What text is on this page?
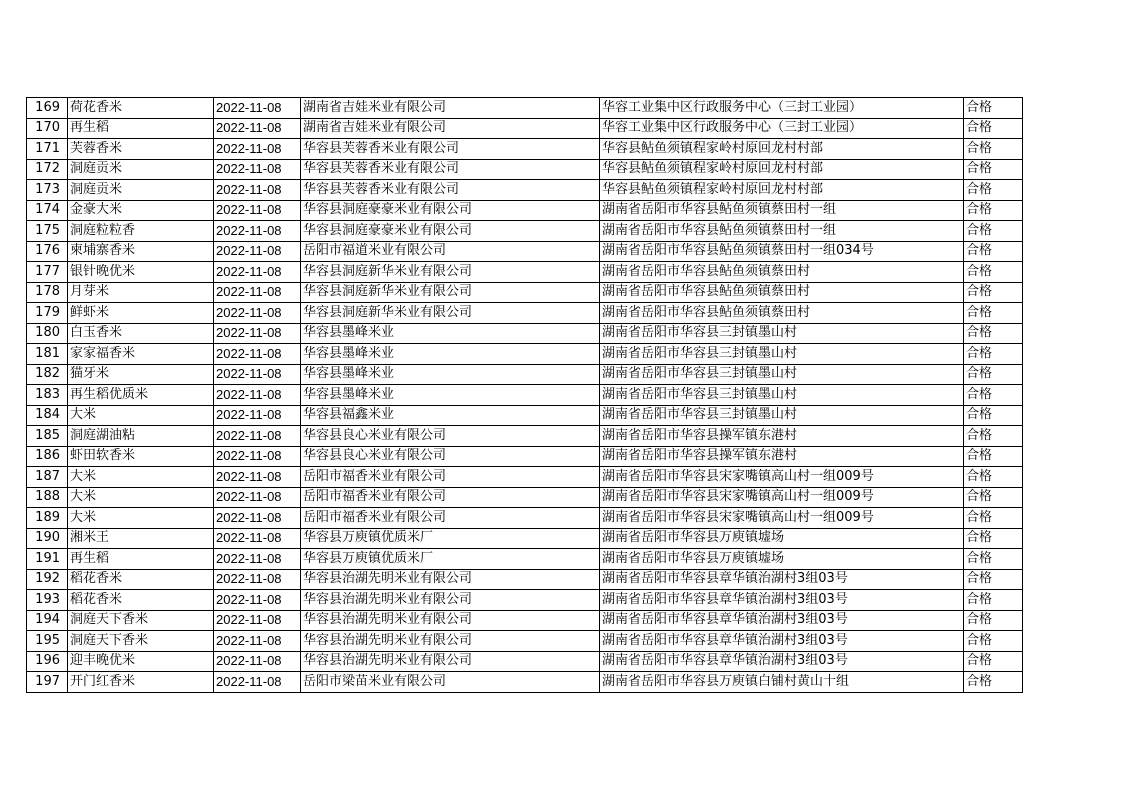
169	荷花香米	2022-11-08	湖南省吉娃米业有限公司	华容工业集中区行政服务中心（三封工业园）	合格
170	再生稻	2022-11-08	湖南省吉娃米业有限公司	华容工业集中区行政服务中心（三封工业园）	合格
171	芙蓉香米	2022-11-08	华容县芙蓉香米业有限公司	华容县鲇鱼须镇程家岭村原回龙村村部	合格
172	洞庭贡米	2022-11-08	华容县芙蓉香米业有限公司	华容县鲇鱼须镇程家岭村原回龙村村部	合格
173	洞庭贡米	2022-11-08	华容县芙蓉香米业有限公司	华容县鲇鱼须镇程家岭村原回龙村村部	合格
174	金豪大米	2022-11-08	华容县洞庭豪豪米业有限公司	湖南省岳阳市华容县鲇鱼须镇蔡田村一组	合格
175	洞庭粒粒香	2022-11-08	华容县洞庭豪豪米业有限公司	湖南省岳阳市华容县鲇鱼须镇蔡田村一组	合格
176	柬埔寨香米	2022-11-08	岳阳市福道米业有限公司	湖南省岳阳市华容县鲇鱼须镇蔡田村一组034号	合格
177	银针晚优米	2022-11-08	华容县洞庭新华米业有限公司	湖南省岳阳市华容县鲇鱼须镇蔡田村	合格
178	月芽米	2022-11-08	华容县洞庭新华米业有限公司	湖南省岳阳市华容县鲇鱼须镇蔡田村	合格
179	鲜虾米	2022-11-08	华容县洞庭新华米业有限公司	湖南省岳阳市华容县鲇鱼须镇蔡田村	合格
180	白玉香米	2022-11-08	华容县墨峰米业	湖南省岳阳市华容县三封镇墨山村	合格
181	家家福香米	2022-11-08	华容县墨峰米业	湖南省岳阳市华容县三封镇墨山村	合格
182	猫牙米	2022-11-08	华容县墨峰米业	湖南省岳阳市华容县三封镇墨山村	合格
183	再生稻优质米	2022-11-08	华容县墨峰米业	湖南省岳阳市华容县三封镇墨山村	合格
184	大米	2022-11-08	华容县福鑫米业	湖南省岳阳市华容县三封镇墨山村	合格
185	洞庭湖油粘	2022-11-08	华容县良心米业有限公司	湖南省岳阳市华容县操军镇东港村	合格
186	虾田软香米	2022-11-08	华容县良心米业有限公司	湖南省岳阳市华容县操军镇东港村	合格
187	大米	2022-11-08	岳阳市福香米业有限公司	湖南省岳阳市华容县宋家嘴镇高山村一组009号	合格
188	大米	2022-11-08	岳阳市福香米业有限公司	湖南省岳阳市华容县宋家嘴镇高山村一组009号	合格
189	大米	2022-11-08	岳阳市福香米业有限公司	湖南省岳阳市华容县宋家嘴镇高山村一组009号	合格
190	湘米王	2022-11-08	华容县万庾镇优质米厂	湖南省岳阳市华容县万庾镇墟场	合格
191	再生稻	2022-11-08	华容县万庾镇优质米厂	湖南省岳阳市华容县万庾镇墟场	合格
192	稻花香米	2022-11-08	华容县治湖先明米业有限公司	湖南省岳阳市华容县章华镇治湖村3组03号	合格
193	稻花香米	2022-11-08	华容县治湖先明米业有限公司	湖南省岳阳市华容县章华镇治湖村3组03号	合格
194	洞庭天下香米	2022-11-08	华容县治湖先明米业有限公司	湖南省岳阳市华容县章华镇治湖村3组03号	合格
195	洞庭天下香米	2022-11-08	华容县治湖先明米业有限公司	湖南省岳阳市华容县章华镇治湖村3组03号	合格
196	迎丰晚优米	2022-11-08	华容县治湖先明米业有限公司	湖南省岳阳市华容县章华镇治湖村3组03号	合格
197	开门红香米	2022-11-08	岳阳市梁苗米业有限公司	湖南省岳阳市华容县万庾镇白铺村黄山十组	合格
